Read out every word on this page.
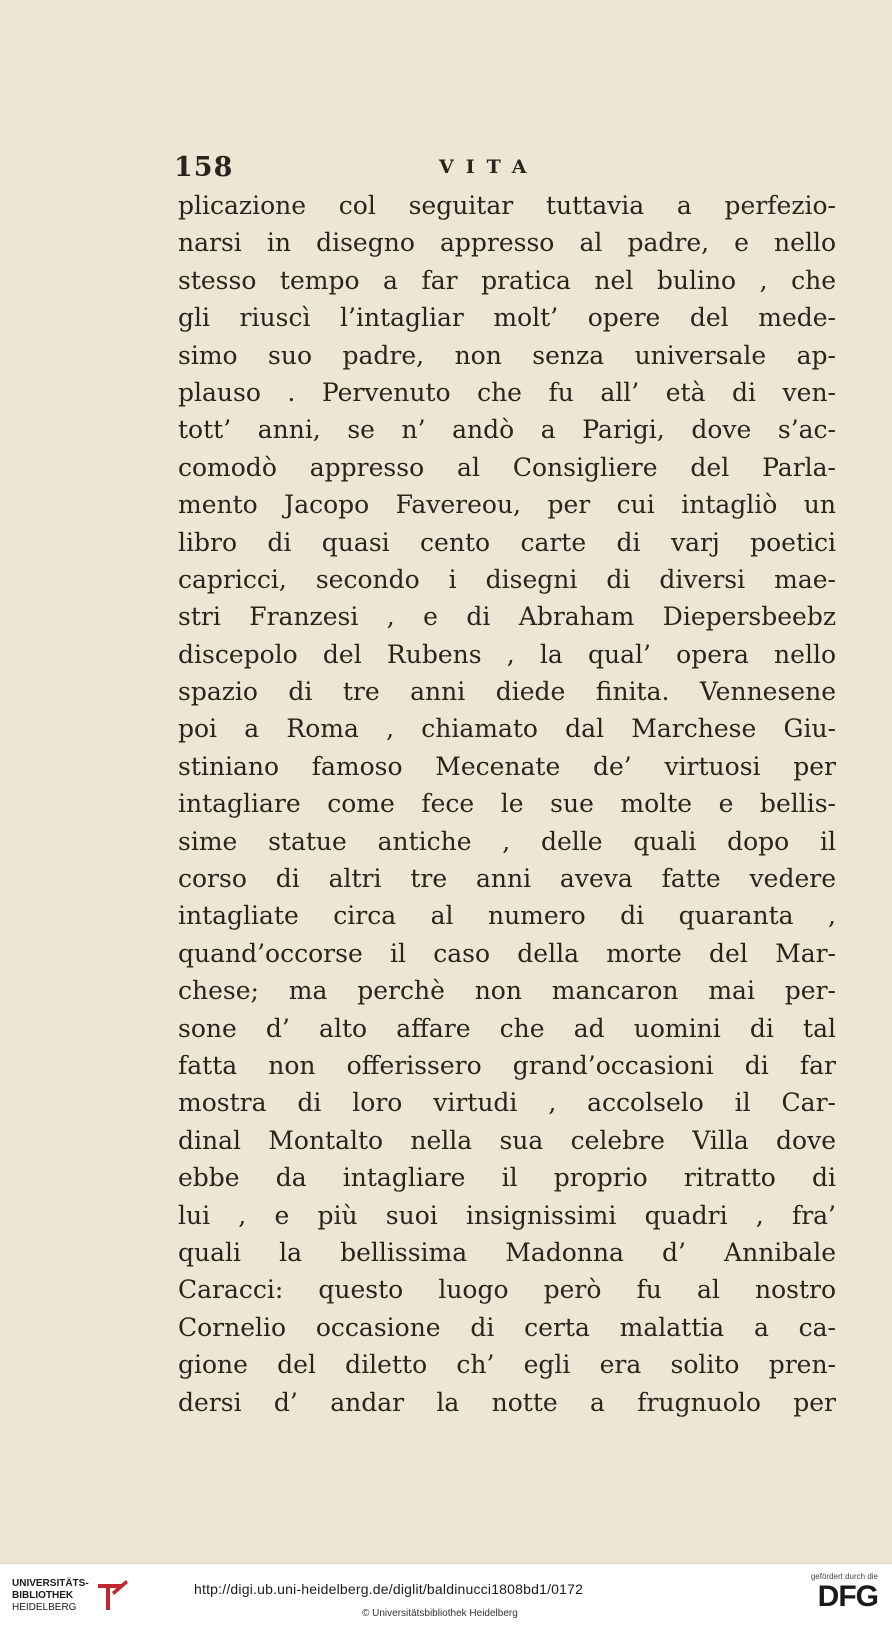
158	VITA
plicazione col seguitar tuttavia a perfezio-
narsi in disegno appresso al padre, e nello
stesso tempo a far pratica nel bulino , che
gli riuscì l’intagliar molt’ opere del mede-
simo suo padre, non senza universale ap-
plauso . Pervenuto che fu all’ età di ven-
tott’ anni, se n’ andò a Parigi, dove s’ac-
comodò appresso al Consigliere del Parla-
mento Jacopo Favereou, per cui intagliò un
libro di quasi cento carte di varj poetici
capricci, secondo i disegni di diversi mae-
stri Franzesi , e di Abraham Diepersbeebz
discepolo del Rubens , la qual’ opera nello
spazio di tre anni diede finita. Vennesene
poi a Roma , chiamato dal Marchese Giu-
stiniano famoso Mecenate de’ virtuosi per
intagliare come fece le sue molte e bellis-
sime statue antiche , delle quali dopo il
corso di altri tre anni aveva fatte vedere
intagliate circa al numero di quaranta ,
quand’occorse il caso della morte del Mar-
chese; ma perchè non mancaron mai per-
sone d’ alto affare che ad uomini di tal
fatta non offerissero grand’occasioni di far
mostra di loro virtudi , accolselo il Car-
dinal Montalto nella sua celebre Villa dove
ebbe da intagliare il proprio ritratto di
lui , e più suoi insignissimi quadri , fra’
quali la bellissima Madonna d’ Annibale
Caracci: questo luogo però fu al nostro
Cornelio occasione di certa malattia a ca-
gione del diletto ch’ egli era solito pren-
dersi d’ andar la notte a frugnuolo per
UNIVERSITÄTS-
BIBLIOTHEK
HEIDELBERG
http://digi.ub.uni-heidelberg.de/diglit/baldinucci1808bd1/0172
© Universitätsbibliothek Heidelberg
gefördert durch die
DFG
